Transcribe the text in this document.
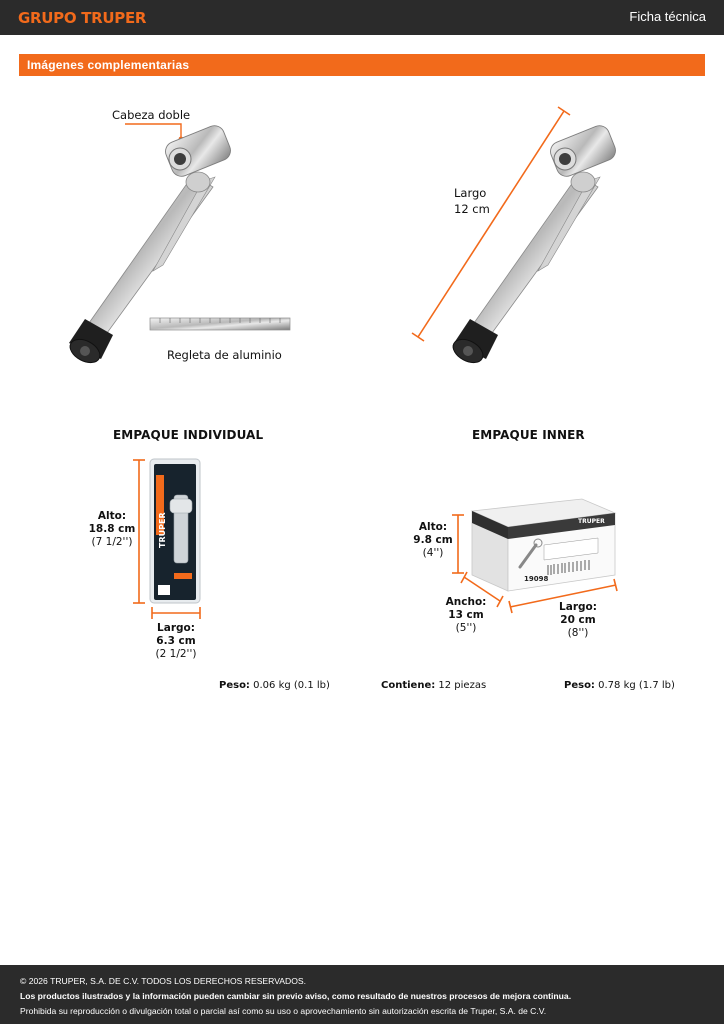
GRUPO TRUPER	Ficha técnica
Imágenes complementarias
Cabeza doble
Regleta de aluminio
Largo
12 cm
EMPAQUE INDIVIDUAL
TRUPER
Alto:
18.8 cm
(7 1/2'')
Largo:
6.3 cm
(2 1/2'')
Peso: 0.06 kg (0.1 lb)
EMPAQUE INNER
TRUPER
19098
Alto:
9.8 cm
(4'')
Ancho:
13 cm
(5'')
Largo:
20 cm
(8'')
Contiene: 12 piezas	Peso: 0.78 kg (1.7 lb)
© 2026 TRUPER, S.A. DE C.V. TODOS LOS DERECHOS RESERVADOS.
Los productos ilustrados y la información pueden cambiar sin previo aviso, como resultado de nuestros procesos de mejora continua.
Prohibida su reproducción o divulgación total o parcial así como su uso o aprovechamiento sin autorización escrita de Truper, S.A. de C.V.
